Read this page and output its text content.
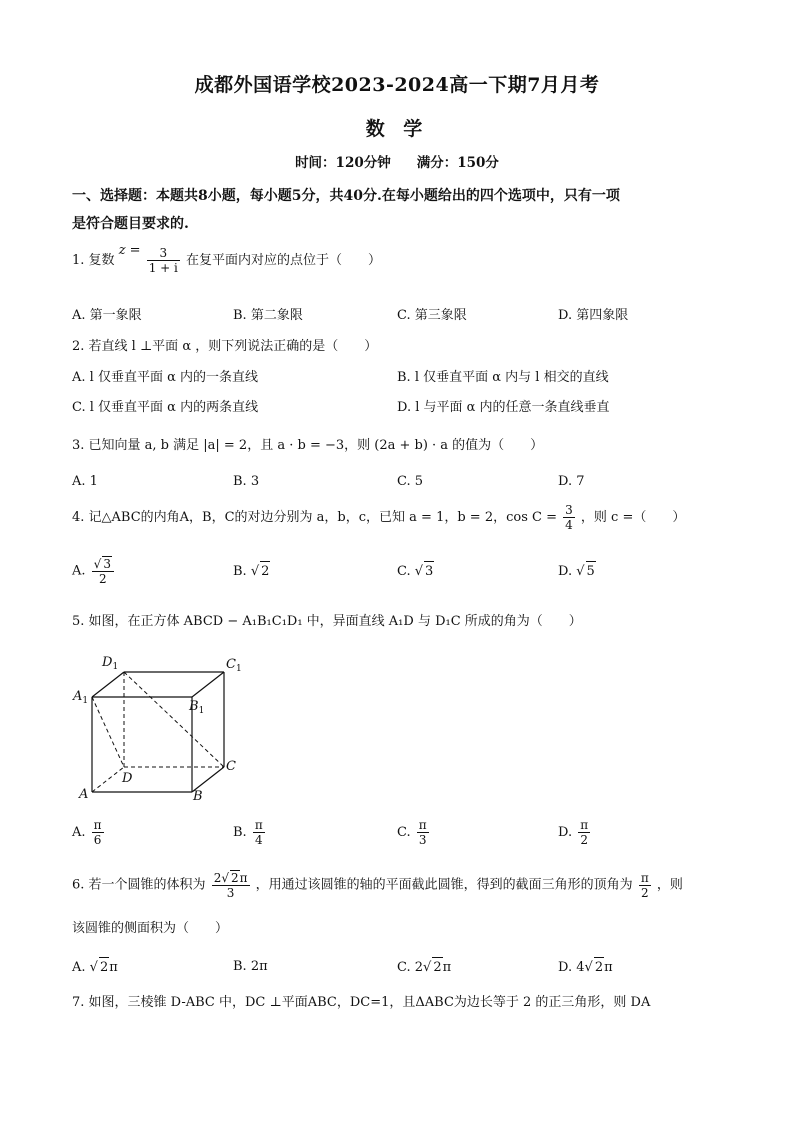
成都外国语学校2023-2024高一下期7月月考
数 学
时间：120分钟 满分：150分
一、选择题：本题共8小题，每小题5分，共40分.在每小题给出的四个选项中，只有一项
是符合题目要求的.
1. 复数 $z = \frac{3}{1 + i}$ 在复平面内对应的点位于（　　）
A. 第一象限	B. 第二象限	C. 第三象限	D. 第四象限
2. 若直线 l ⊥平面 α ，则下列说法正确的是（　　）
A. l 仅垂直平面 α 内的一条直线	B. l 仅垂直平面 α 内与 l 相交的直线
C. l 仅垂直平面 α 内的两条直线	D. l 与平面 α 内的任意一条直线垂直
3. 已知向量 a, b 满足 |a| = 2，且 a · b = −3，则 (2a + b) · a 的值为（　　）
A. 1	B. 3	C. 5	D. 7
4. 记△ABC的内角A，B，C的对边分别为 a，b，c，已知 a = 1，b = 2，$\cos C = \frac{3}{4}$ ，则 c =（　　）
A. $\frac{√ 3}{2}$	B. √ 2	C. √ 3	D. √ 5
5. 如图，在正方体 ABCD − A₁B₁C₁D₁ 中，异面直线 A₁D 与 D₁C 所成的角为（　　）
$D_1$	$C_1$
$A_1$	$B_1$
D
C
A	B
A. $\frac{\pi}{6}$	B. $\frac{\pi}{4}$	C. $\frac{\pi}{3}$	D. $\frac{\pi}{2}$
6. 若一个圆锥的体积为 $\frac{2√ 2\pi}{3}$ ，用通过该圆锥的轴的平面截此圆锥，得到的截面三角形的顶角为 $\frac{\pi}{2}$ ，则
该圆锥的侧面积为（　　）
A. √ 2π	B. 2π	C. 2√ 2π	D. 4√ 2π
7. 如图，三棱锥 D-ABC 中，DC ⊥平面ABC，DC=1，且ΔABC为边长等于 2 的正三角形，则 DA
